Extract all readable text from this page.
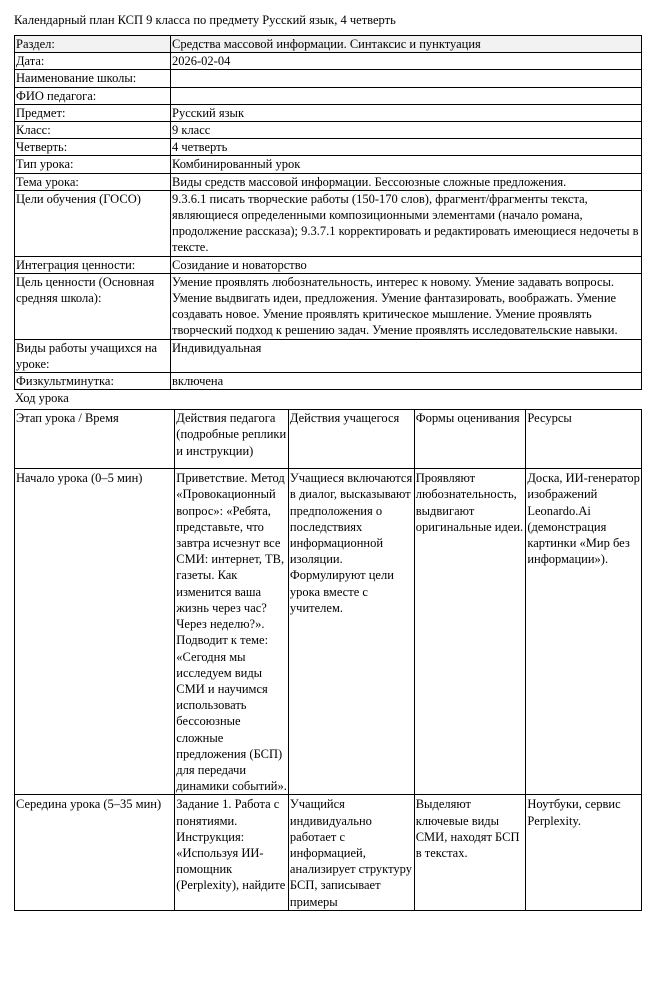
Календарный план КСП 9 класса по предмету Русский язык, 4 четверть
Раздел:	Средства массовой информации. Синтаксис и пунктуация
Дата:	2026-02-04
Наименование школы:	
ФИО педагога:	
Предмет:	Русский язык
Класс:	9 класс
Четверть:	4 четверть
Тип урока:	Комбинированный урок
Тема урока:	Виды средств массовой информации. Бессоюзные сложные предложения.
Цели обучения (ГОСО)	9.3.6.1 писать творческие работы (150-170 слов), фрагмент/фрагменты текста, являющиеся определенными композиционными элементами (начало романа, продолжение рассказа); 9.3.7.1 корректировать и редактировать имеющиеся недочеты в тексте.
Интеграция ценности:	Созидание и новаторство
Цель ценности (Основная средняя школа):	Умение проявлять любознательность, интерес к новому. Умение задавать вопросы. Умение выдвигать идеи, предложения. Умение фантазировать, воображать. Умение создавать новое. Умение проявлять критическое мышление. Умение проявлять творческий подход к решению задач. Умение проявлять исследовательские навыки.
Виды работы учащихся на уроке:	Индивидуальная
Физкультминутка:	включена
Ход урока
Этап урока / Время	Действия педагога (подробные реплики и инструкции)	Действия учащегося	Формы оценивания	Ресурсы
Начало урока (0–5 мин)	Приветствие. Метод «Провокационный вопрос»: «Ребята, представьте, что завтра исчезнут все СМИ: интернет, ТВ, газеты. Как изменится ваша жизнь через час? Через неделю?». Подводит к теме: «Сегодня мы исследуем виды СМИ и научимся использовать бессоюзные сложные предложения (БСП) для передачи динамики событий».	Учащиеся включаются в диалог, высказывают предположения о последствиях информационной изоляции. Формулируют цели урока вместе с учителем.	Проявляют любознательность, выдвигают оригинальные идеи.	Доска, ИИ-генератор изображений Leonardo.Ai (демонстрация картинки «Мир без информации»).
Середина урока (5–35 мин)	Задание 1. Работа с понятиями. Инструкция: «Используя ИИ-помощник (Perplexity), найдите	Учащийся индивидуально работает с информацией, анализирует структуру БСП, записывает примеры	Выделяют ключевые виды СМИ, находят БСП в текстах.	Ноутбуки, сервис Perplexity.
